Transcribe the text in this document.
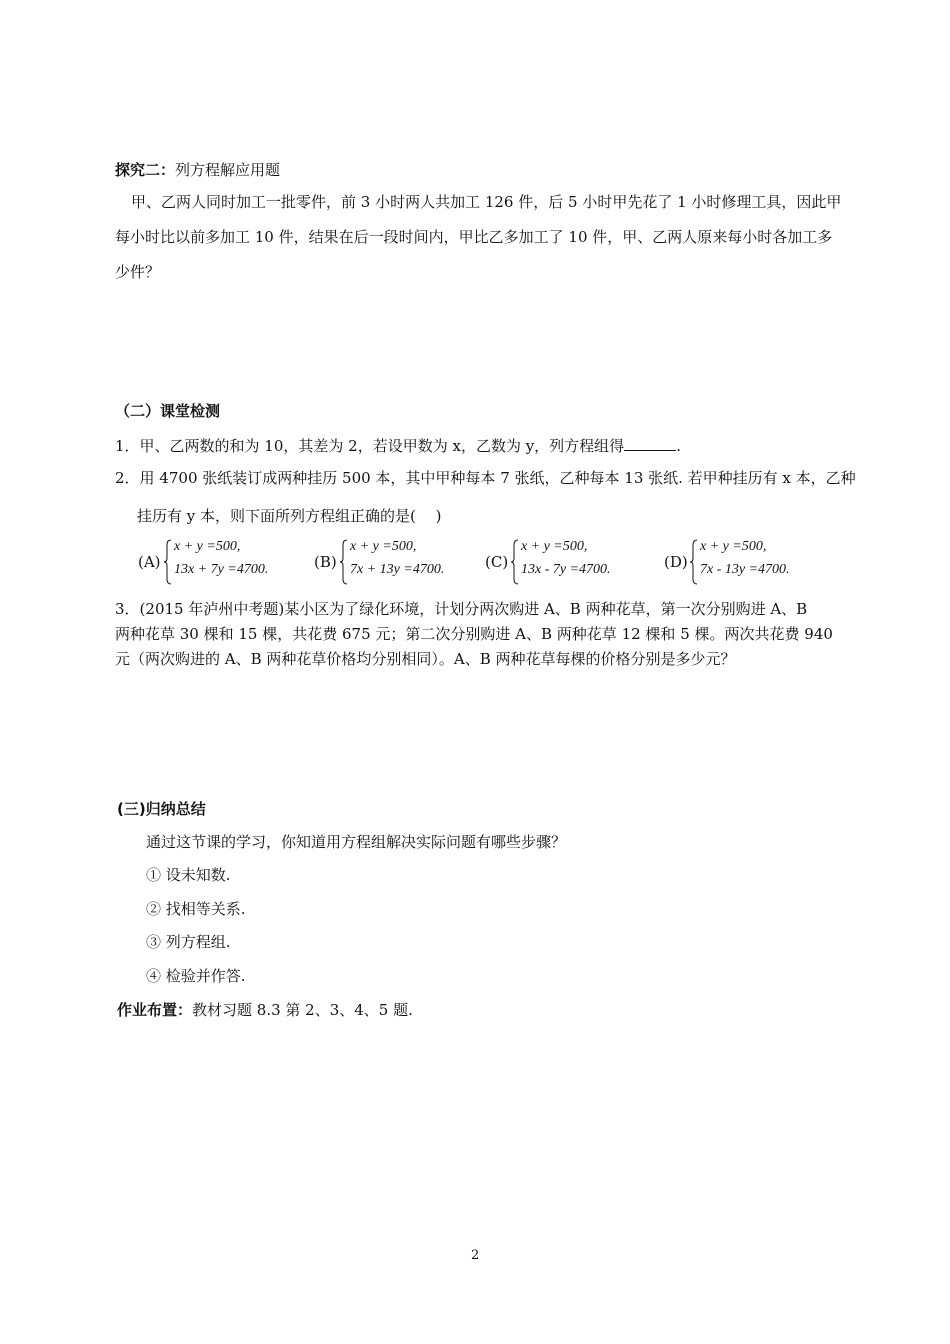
探究二：列方程解应用题
甲、乙两人同时加工一批零件，前 3 小时两人共加工 126 件，后 5 小时甲先花了 1 小时修理工具，因此甲
每小时比以前多加工 10 件，结果在后一段时间内，甲比乙多加工了 10 件，甲、乙两人原来每小时各加工多
少件？
（二）课堂检测
1．甲、乙两数的和为 10，其差为 2，若设甲数为 x，乙数为 y，列方程组得	.
2．用 4700 张纸装订成两种挂历 500 本，其中甲种每本 7 张纸，乙种每本 13 张纸. 若甲种挂历有 x 本，乙种
挂历有 y 本，则下面所列方程组正确的是(　 )
(A)
x + y =500,
13x + 7y =4700.	(B)
x + y =500,
7x + 13y =4700.	(C)
x + y =500,
13x - 7y =4700.	(D)
x + y =500,
7x - 13y =4700.
3．(2015 年泸州中考题)某小区为了绿化环境，计划分两次购进 A、B 两种花草，第一次分别购进 A、B
两种花草 30 棵和 15 棵，共花费 675 元；第二次分别购进 A、B 两种花草 12 棵和 5 棵。两次共花费 940
元（两次购进的 A、B 两种花草价格均分别相同）。A、B 两种花草每棵的价格分别是多少元？
(三)归纳总结
通过这节课的学习，你知道用方程组解决实际问题有哪些步骤？
① 设未知数.
② 找相等关系.
③ 列方程组.
④ 检验并作答.
作业布置：教材习题 8.3 第 2、3、4、5 题.
2
